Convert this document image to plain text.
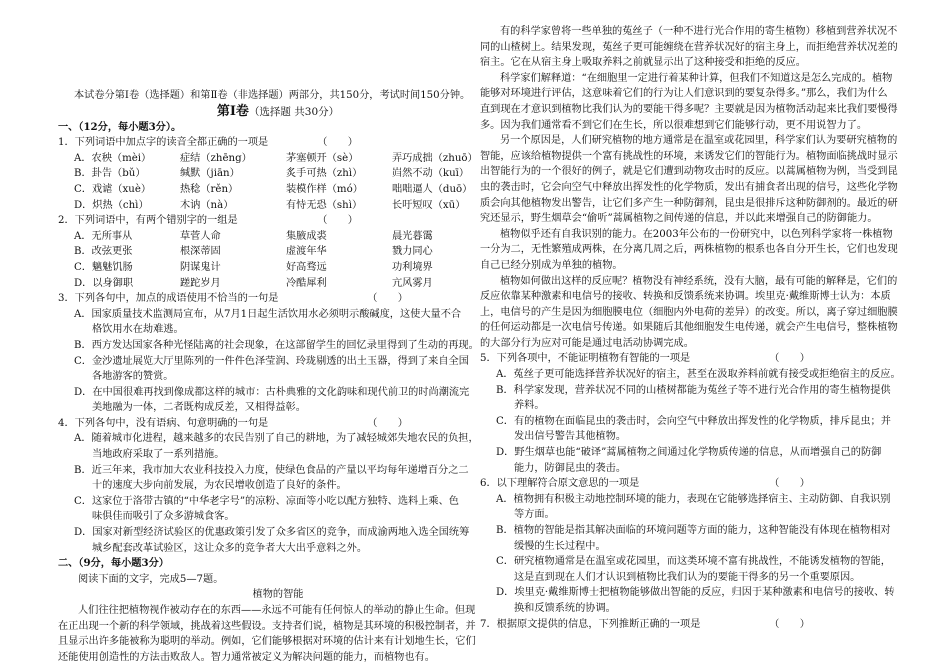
本试卷分第Ⅰ卷（选择题）和第Ⅱ卷（非选择题）两部分，共150分，考试时间150分钟。
第Ⅰ卷（选择题 共30分）
一、（12分，每小题3分）。
1．下列词语中加点字的读音全都正确的一项是	（　　）
A．农秧（mèi）	症结（zhēng）	茅塞顿开（sè）	弄巧成拙（zhuō）
B．卦告（bǔ）	缄默（jiān）	炙手可热（zhì）	岿然不动（kuī）
C．戏谑（xuè）	热稔（rěn）	装模作样（mó）	咄咄逼人（duō）
D．炽热（chì）	木讷（nà）	有恃无恐（shì）	长吁短叹（xū）
2．下列词语中，有两个错别字的一组是	（　　）
A．无所事从	草菅人命	集腋成裘	晨光暮霭
B．改弦更张	根深蒂固	虚渡年华	戮力同心
C．魑魅饥肠	阴谋鬼计	好高骛远	功利境界
D．以身御职	蹉跎岁月	冷酷犀利	亢风雾月
3．下列各句中，加点的成语使用不恰当的一句是	（　　）
A．国家质量技术监测局宣布，从7月1日起生活饮用水必须明示酸碱度，这使大量不合
格饮用水在劫难逃。
B．西方发达国家各种光怪陆离的社会现象，在这部留学生的回忆录里得到了生动的再现。
C．金沙遗址展览大厅里陈列的一件件色泽莹润、玲珑剔透的出土玉器，得到了来自全国
各地游客的赞赏。
D．在中国很难再找到像成都这样的城市：古朴典雅的文化韵味和现代前卫的时尚潮流完
美地融为一体，二者既构成反差，又相得益彰。
4．下列各句中，没有语病、句意明确的一句是	（　　）
A．随着城市化进程，越来越多的农民告别了自己的耕地，为了减轻城郊失地农民的负担，
当地政府采取了一系列措施。
B．近三年来，我市加大农业科技投入力度，使绿色食品的产量以平均每年递增百分之二
十的速度大步向前发展，为农民增收创造了良好的条件。
C．这家位于洛带古镇的“中华老字号”的凉粉、凉面等小吃以配方独特、选料上乘、色
味俱佳而吸引了众多游城食客。
D．国家对新型经济试验区的优惠政策引发了众多省区的竞争，而成渝两地入选全国统筹
城乡配套改革试验区，这让众多的竞争者大大出乎意料之外。
二、（9分，每小题3分）
阅读下面的文字，完成5—7题。
植物的智能
人们往往把植物视作被动存在的东西——永远不可能有任何惊人的举动的静止生命。但现
在正出现一个新的科学领域，挑战着这些假设。支持者们说，植物是其环境的积极控制者，并
且显示出许多能被称为聪明的举动。例如，它们能够根据对环境的估计来有计划地生长，它们
还能使用创造性的方法击败敌人。智力通常被定义为解决问题的能力，而植物也有。
有的科学家曾将一些单独的菟丝子（一种不进行光合作用的寄生植物）移植到营养状况不
同的山楂树上。结果发现，菟丝子更可能缠绕在营养状况好的宿主身上，而拒绝营养状况差的
宿主。它在从宿主身上吸取养料之前就显示出了这种接受和拒绝的反应。
科学家们解释道：“在细胞里一定进行着某种计算，但我们不知道这是怎么完成的。植物
能够对环境进行评估，这意味着它们的行为让人们意识到的要复杂得多。”那么，我们为什么
直到现在才意识到植物比我们认为的要能干得多呢？主要就是因为植物活动起来比我们要慢得
多。因为我们通常看不到它们在生长，所以很难想到它们能够行动，更不用说智力了。
另一个原因是，人们研究植物的地方通常是在温室或花园里，科学家们认为要研究植物的
智能，应该给植物提供一个富有挑战性的环境，来诱发它们的智能行为。植物面临挑战时显示
出智能行为的一个很好的例子，就是它们遭到动物攻击时的反应。以蒿属植物为例，当受到昆
虫的袭击时，它会向空气中释放出挥发性的化学物质，发出有捕食者出现的信号，这些化学物
质会向其他植物发出警告，让它们多产生一种防御剂，昆虫是很排斥这种防御剂的。最近的研
究还显示，野生烟草会“偷听”蒿属植物之间传递的信息，并以此来增强自己的防御能力。
植物似乎还有自我识别的能力。在2003年公布的一份研究中，以色列科学家将一株植物
一分为二，无性繁殖成两株，在分离几周之后，两株植物的根系也各自分开生长，它们也发现
自己已经分别成为单独的植物。
植物如何做出这样的反应呢？植物没有神经系统，没有大脑，最有可能的解释是，它们的
反应依靠某种激素和电信号的接收、转换和反馈系统来协调。埃里克·戴维斯博士认为：本质
上，电信号的产生是因为细胞膜电位（细胞内外电荷的差异）的改变。所以，离子穿过细胞膜
的任何运动都是一次电信号传递。如果随后其他细胞发生电传递，就会产生电信号，整株植物
的大部分行为应对可能是通过电活动协调完成。
5．下列各项中，不能证明植物有智能的一项是	（　　）
A．菟丝子更可能选择营养状况好的宿主，甚至在汲取养料前就有接受或拒绝宿主的反应。
B．科学家发现，营养状况不同的山楂树都能为菟丝子等不进行光合作用的寄生植物提供
养料。
C．有的植物在面临昆虫的袭击时，会向空气中释放出挥发性的化学物质，排斥昆虫；并
发出信号警告其他植物。
D．野生烟草也能“破译”蒿属植物之间通过化学物质传递的信息，从而增强自己的防御
能力，防御昆虫的袭击。
6．以下理解符合原文意思的一项是	（　　）
A．植物拥有积极主动地控制环境的能力，表现在它能够选择宿主、主动防御、自我识别
等方面。
B．植物的智能是指其解决面临的环境问题等方面的能力，这种智能没有体现在植物相对
缓慢的生长过程中。
C．研究植物通常是在温室或花园里，而这类环境不富有挑战性，不能诱发植物的智能，
这是直到现在人们才认识到植物比我们认为的要能干得多的另一个重要原因。
D．埃里克·戴维斯博士把植物能够做出智能的反应，归因于某种激素和电信号的接收、转
换和反馈系统的协调。
7．根据原文提供的信息，下列推断正确的一项是	（　　）
